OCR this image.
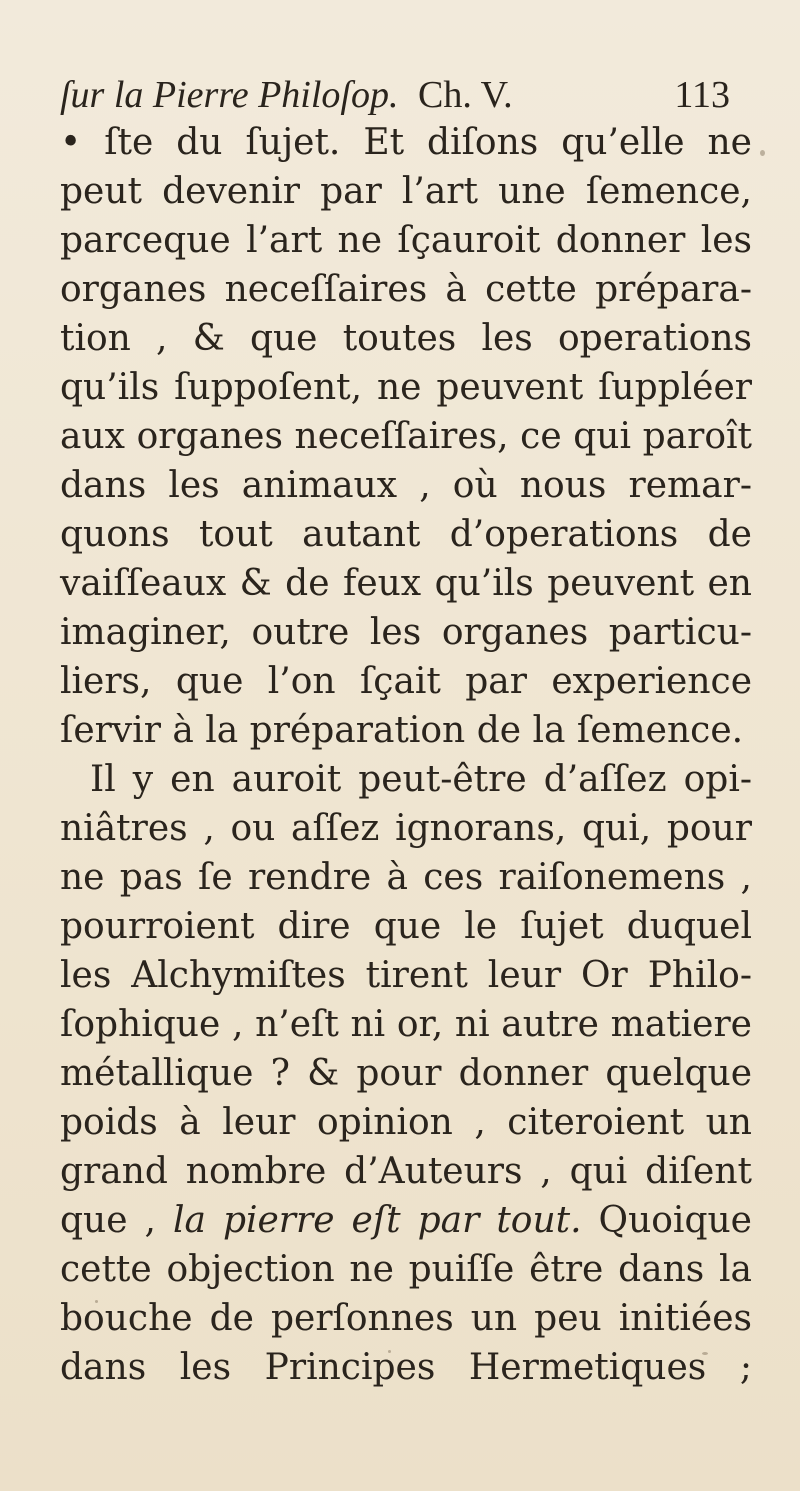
ſur la Pierre Philoſop. Ch. V.	113
• ſte du ſujet. Et diſons qu’elle ne
peut devenir par l’art une ſemence,
parceque l’art ne ſçauroit donner les
organes neceſſaires à cette prépara-
tion , & que toutes les operations
qu’ils ſuppoſent, ne peuvent ſuppléer
aux organes neceſſaires, ce qui paroît
dans les animaux , où nous remar-
quons tout autant d’operations de
vaiſſeaux & de feux qu’ils peuvent en
imaginer, outre les organes particu-
liers, que l’on ſçait par experience
ſervir à la préparation de la ſemence.
Il y en auroit peut-être d’aſſez opi-
niâtres , ou aſſez ignorans, qui, pour
ne pas ſe rendre à ces raiſonemens ,
pourroient dire que le ſujet duquel
les Alchymiſtes tirent leur Or Philo-
ſophique , n’eſt ni or, ni autre matiere
métallique ? & pour donner quelque
poids à leur opinion , citeroient un
grand nombre d’Auteurs , qui diſent
que , la pierre eſt par tout. Quoique
cette objection ne puiſſe être dans la
bouche de perſonnes un peu initiées
dans les Principes Hermetiques ;
